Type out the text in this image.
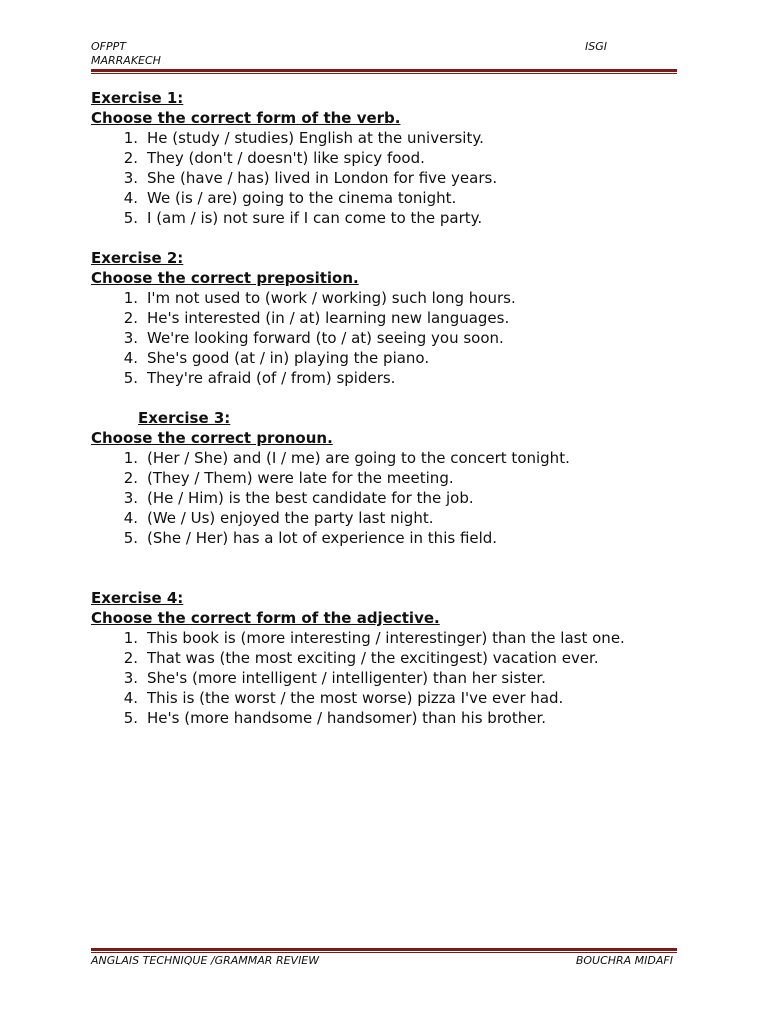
OFPPT
MARRAKECH
ISGI
Exercise 1:
Choose the correct form of the verb.
1. He (study / studies) English at the university.
2. They (don't / doesn't) like spicy food.
3. She (have / has) lived in London for five years.
4. We (is / are) going to the cinema tonight.
5. I (am / is) not sure if I can come to the party.
Exercise 2:
Choose the correct preposition.
1. I'm not used to (work / working) such long hours.
2. He's interested (in / at) learning new languages.
3. We're looking forward (to / at) seeing you soon.
4. She's good (at / in) playing the piano.
5. They're afraid (of / from) spiders.
Exercise 3:
Choose the correct pronoun.
1. (Her / She) and (I / me) are going to the concert tonight.
2. (They / Them) were late for the meeting.
3. (He / Him) is the best candidate for the job.
4. (We / Us) enjoyed the party last night.
5. (She / Her) has a lot of experience in this field.
Exercise 4:
Choose the correct form of the adjective.
1. This book is (more interesting / interestinger) than the last one.
2. That was (the most exciting / the excitingest) vacation ever.
3. She's (more intelligent / intelligenter) than her sister.
4. This is (the worst / the most worse) pizza I've ever had.
5. He's (more handsome / handsomer) than his brother.
ANGLAIS TECHNIQUE /GRAMMAR REVIEW	BOUCHRA MIDAFI
